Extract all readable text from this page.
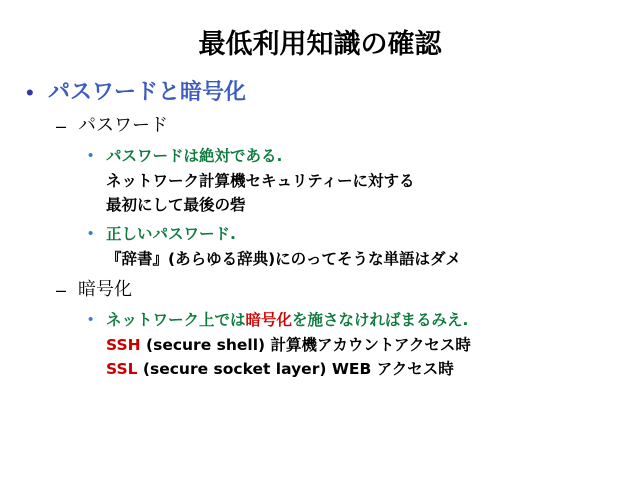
最低利用知識の確認
• パスワードと暗号化
– パスワード
• パスワードは絶対である.
ネットワーク計算機セキュリティーに対する
最初にして最後の砦
• 正しいパスワード.
『辞書』(あらゆる辞典)にのってそうな単語はダメ
– 暗号化
• ネットワーク上では暗号化を施さなければまるみえ.
SSH (secure shell) 計算機アカウントアクセス時
SSL (secure socket layer) WEB アクセス時
